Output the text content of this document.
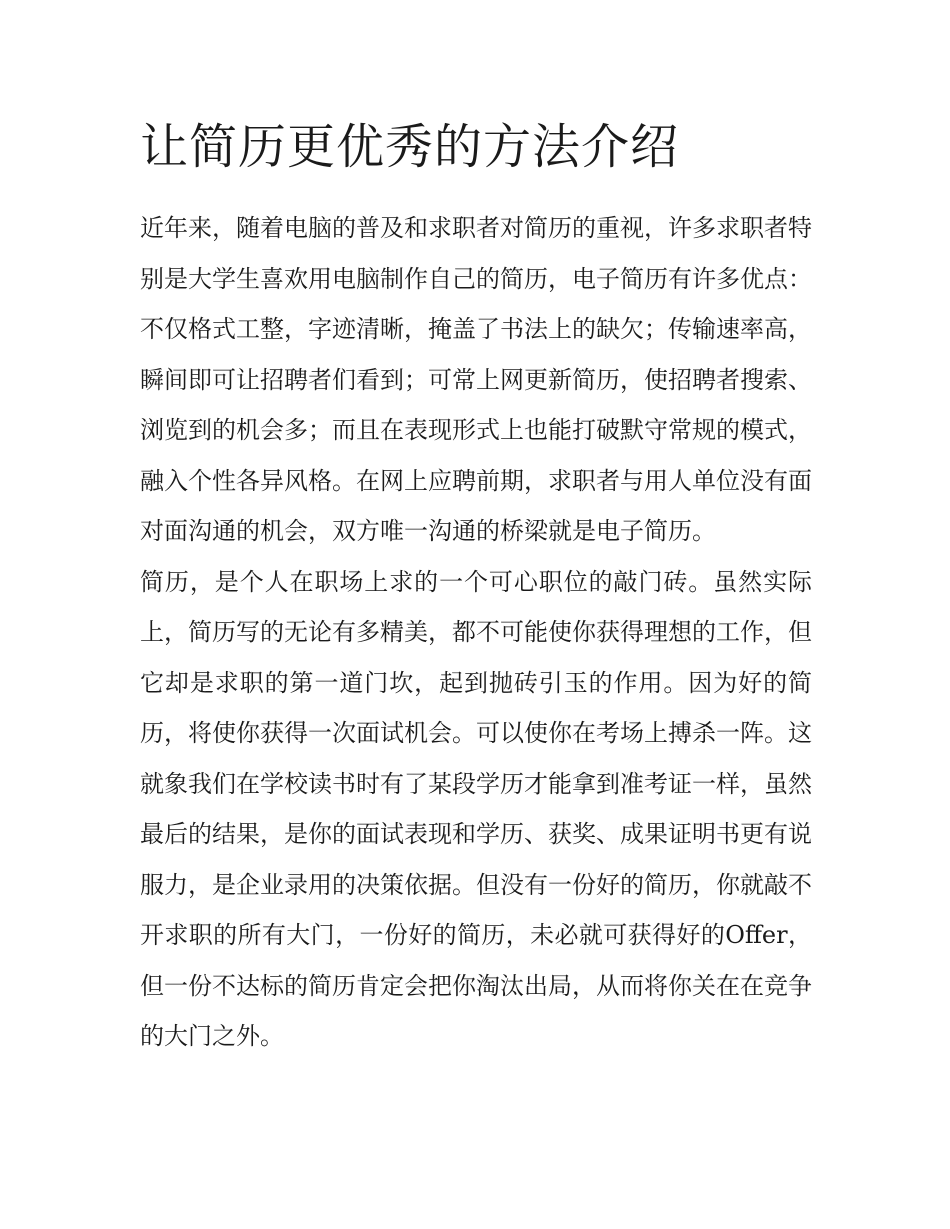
让简历更优秀的方法介绍

近年来，随着电脑的普及和求职者对简历的重视，许多求职者特别是大学生喜欢用电脑制作自己的简历，电子简历有许多优点：不仅格式工整，字迹清晰，掩盖了书法上的缺欠；传输速率高，瞬间即可让招聘者们看到；可常上网更新简历，使招聘者搜索、浏览到的机会多；而且在表现形式上也能打破默守常规的模式，融入个性各异风格。在网上应聘前期，求职者与用人单位没有面对面沟通的机会，双方唯一沟通的桥梁就是电子简历。

简历，是个人在职场上求的一个可心职位的敲门砖。虽然实际上，简历写的无论有多精美，都不可能使你获得理想的工作，但它却是求职的第一道门坎，起到抛砖引玉的作用。因为好的简历，将使你获得一次面试机会。可以使你在考场上搏杀一阵。这就象我们在学校读书时有了某段学历才能拿到准考证一样，虽然最后的结果，是你的面试表现和学历、获奖、成果证明书更有说服力，是企业录用的决策依据。但没有一份好的简历，你就敲不开求职的所有大门，一份好的简历，未必就可获得好的Offer，但一份不达标的简历肯定会把你淘汰出局，从而将你关在在竞争的大门之外。
